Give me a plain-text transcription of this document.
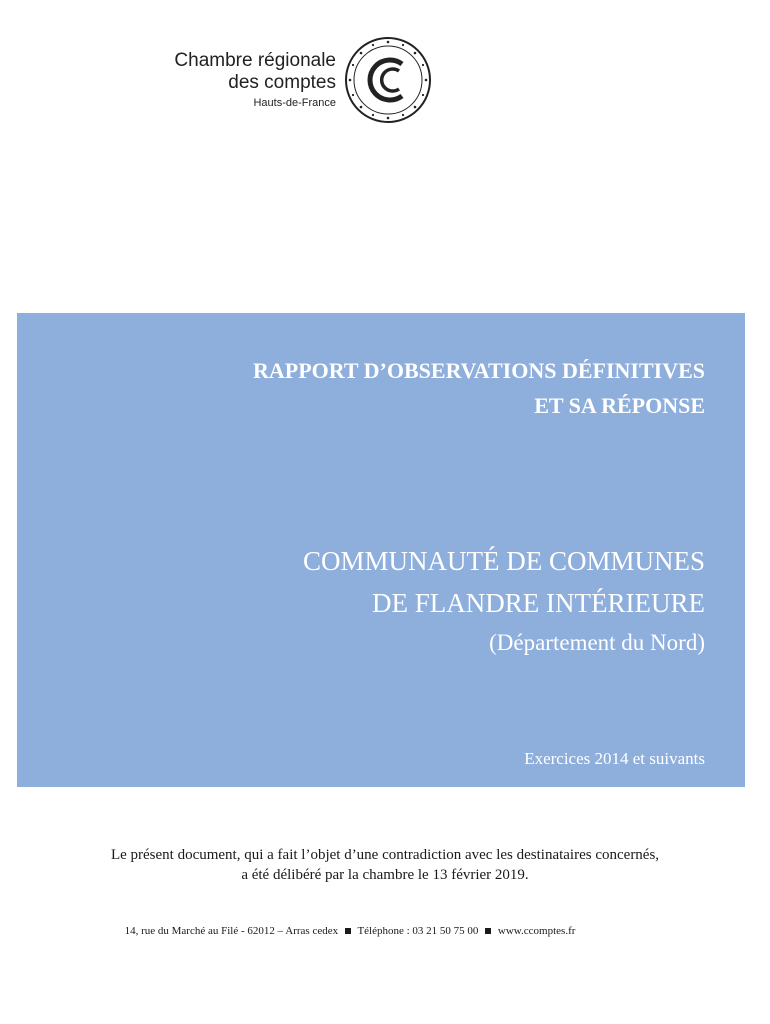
Chambre régionale
des comptes
Hauts-de-France
RAPPORT D’OBSERVATIONS DÉFINITIVES
ET SA RÉPONSE
COMMUNAUTÉ DE COMMUNES
DE FLANDRE INTÉRIEURE
(Département du Nord)
Exercices 2014 et suivants
Le présent document, qui a fait l’objet d’une contradiction avec les destinataires concernés,
a été délibéré par la chambre le 13 février 2019.
14, rue du Marché au Filé - 62012 – Arras cedex Téléphone : 03 21 50 75 00 www.ccomptes.fr
